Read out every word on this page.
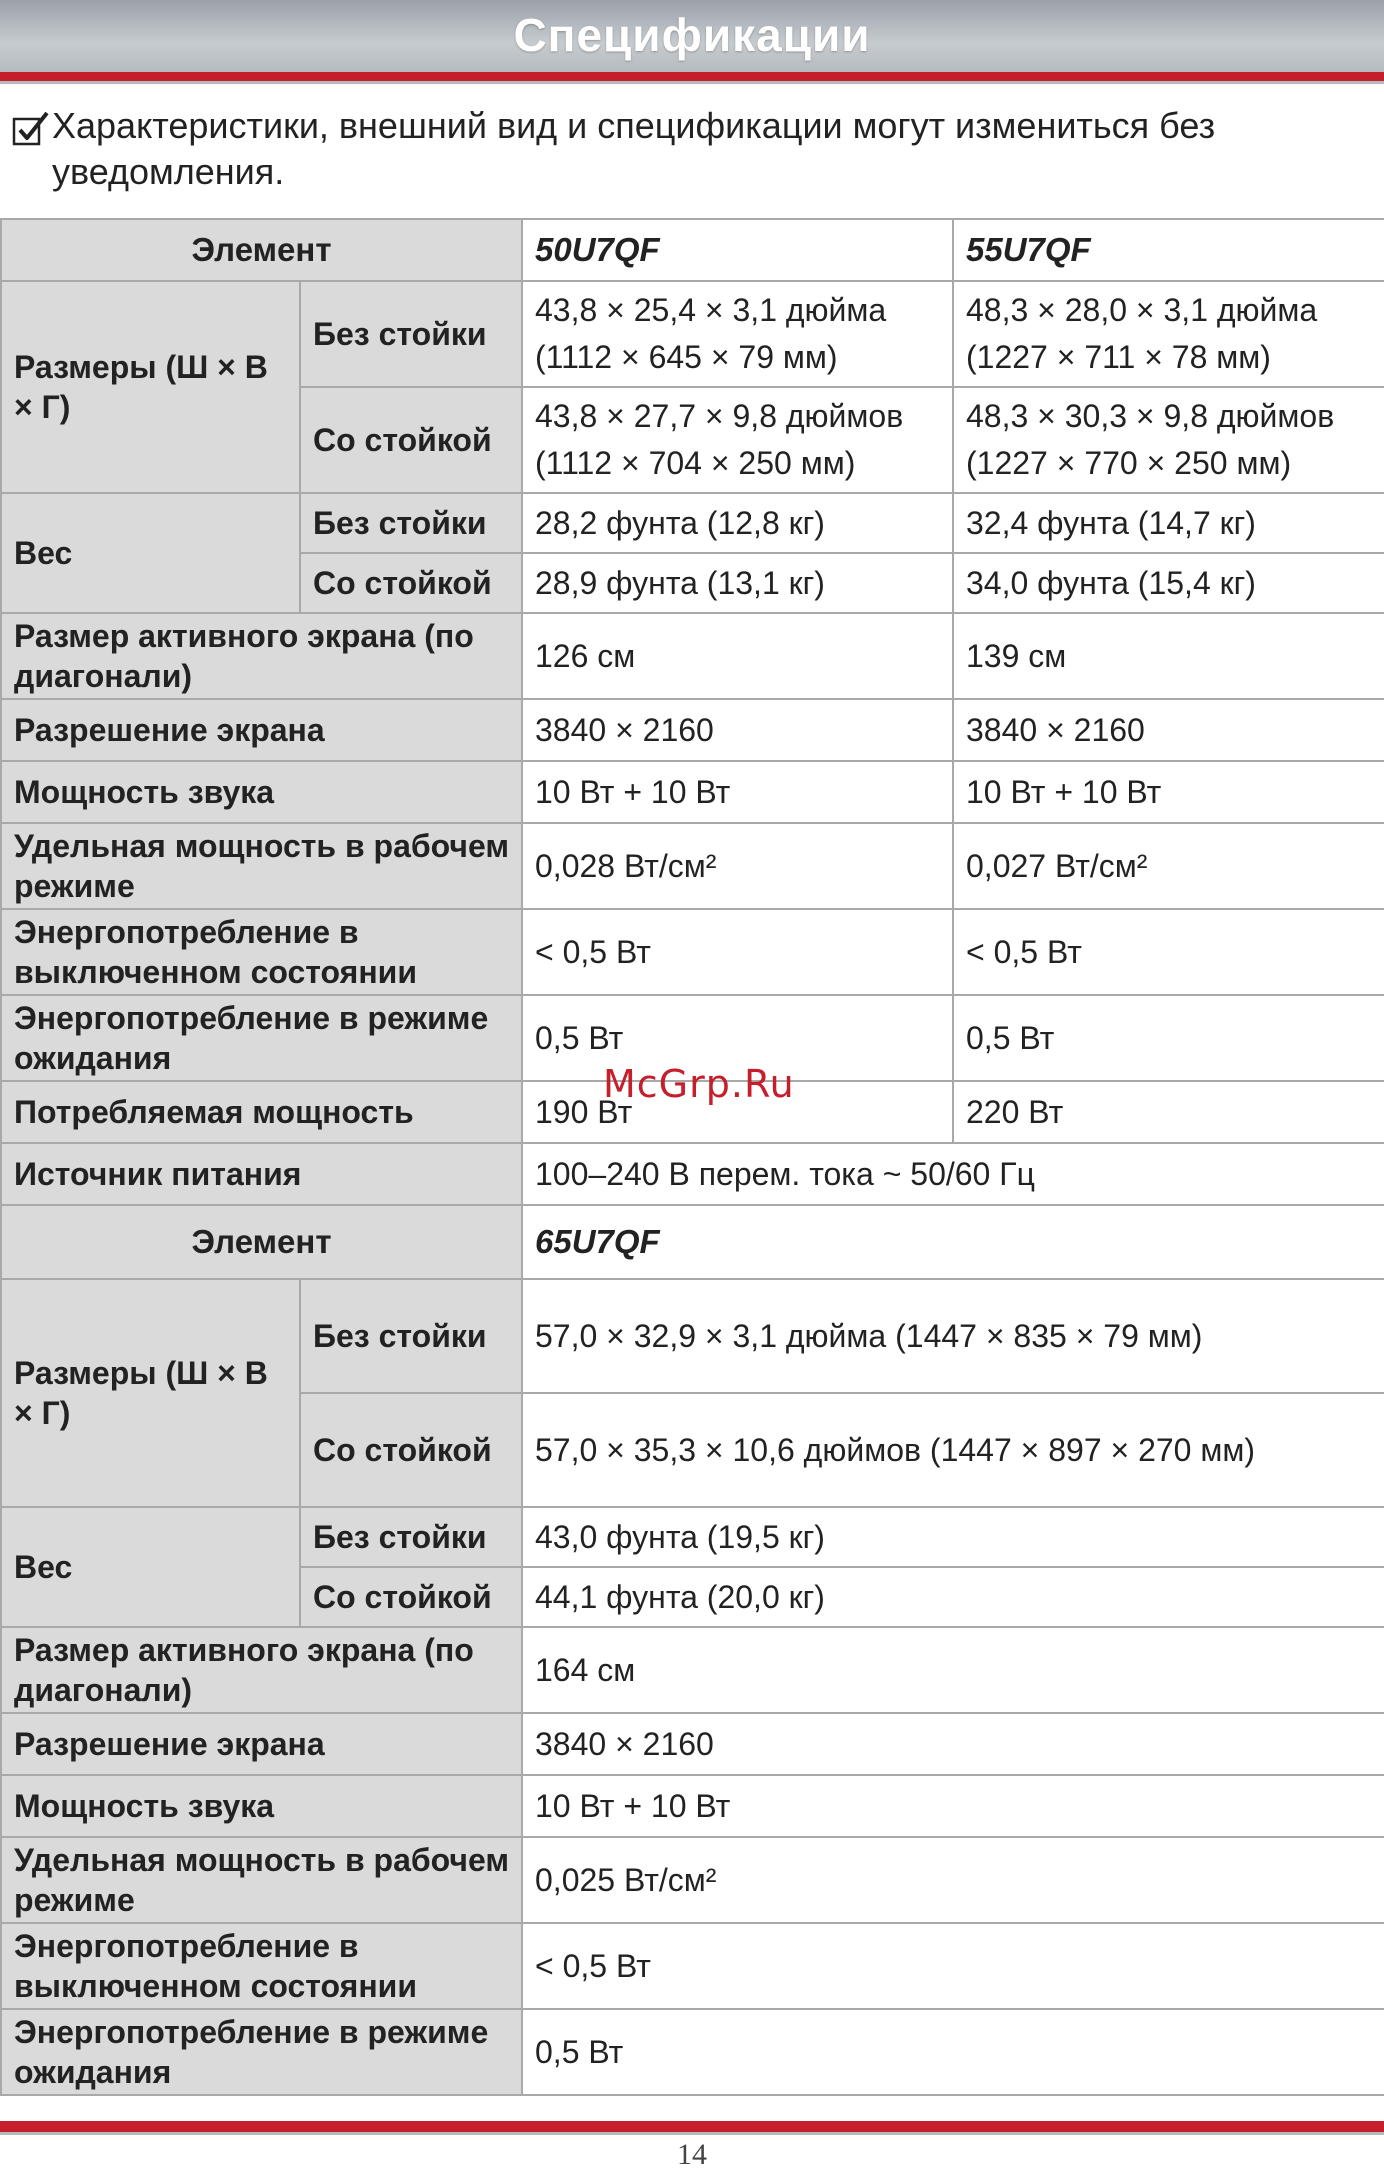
Спецификации
Характеристики, внешний вид и спецификации могут измениться без уведомления.
Элемент		50U7QF	55U7QF
Размеры (Ш × В × Г)	Без стойки	43,8 × 25,4 × 3,1 дюйма (1112 × 645 × 79 мм)	48,3 × 28,0 × 3,1 дюйма (1227 × 711 × 78 мм)
	Со стойкой	43,8 × 27,7 × 9,8 дюймов (1112 × 704 × 250 мм)	48,3 × 30,3 × 9,8 дюймов (1227 × 770 × 250 мм)
Вес	Без стойки	28,2 фунта (12,8 кг)	32,4 фунта (14,7 кг)
	Со стойкой	28,9 фунта (13,1 кг)	34,0 фунта (15,4 кг)
Размер активного экрана (по диагонали)		126 см	139 см
Разрешение экрана		3840 × 2160	3840 × 2160
Мощность звука		10 Вт + 10 Вт	10 Вт + 10 Вт
Удельная мощность в рабочем режиме		0,028 Вт/см²	0,027 Вт/см²
Энергопотребление в выключенном состоянии		< 0,5 Вт	< 0,5 Вт
Энергопотребление в режиме ожидания		0,5 Вт	0,5 Вт
Потребляемая мощность		190 Вт	220 Вт
Источник питания		100–240 В перем. тока ~ 50/60 Гц	
Элемент		65U7QF	
Размеры (Ш × В × Г)	Без стойки	57,0 × 32,9 × 3,1 дюйма (1447 × 835 × 79 мм)	
	Со стойкой	57,0 × 35,3 × 10,6 дюймов (1447 × 897 × 270 мм)	
Вес	Без стойки	43,0 фунта (19,5 кг)	
	Со стойкой	44,1 фунта (20,0 кг)	
Размер активного экрана (по диагонали)		164 см	
Разрешение экрана		3840 × 2160	
Мощность звука		10 Вт + 10 Вт	
Удельная мощность в рабочем режиме		0,025 Вт/см²	
Энергопотребление в выключенном состоянии		< 0,5 Вт	
Энергопотребление в режиме ожидания		0,5 Вт	
McGrp.Ru
14
